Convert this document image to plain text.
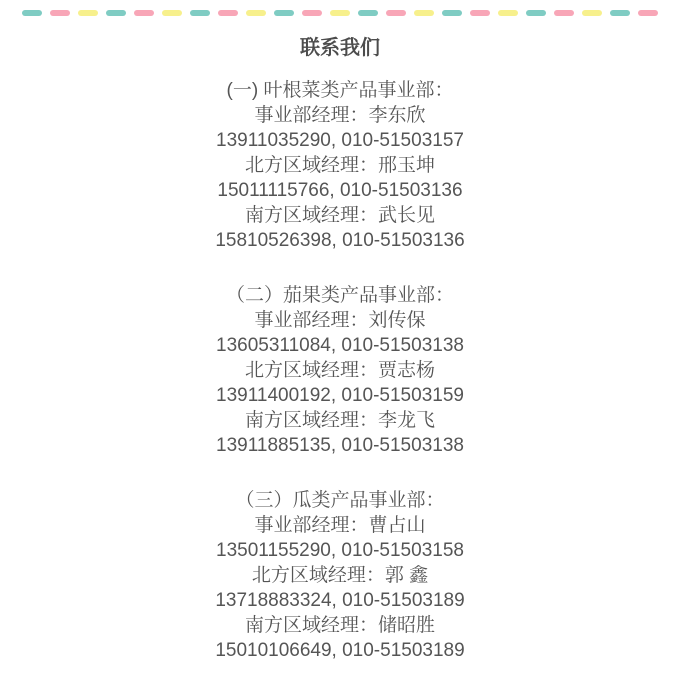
联系我们

(一) 叶根菜类产品事业部：
事业部经理：李东欣
13911035290, 010-51503157
北方区域经理：邢玉坤
15011115766, 010-51503136
南方区域经理：武长见
15810526398, 010-51503136

（二）茄果类产品事业部：
事业部经理：刘传保
13605311084, 010-51503138
北方区域经理：贾志杨
13911400192, 010-51503159
南方区域经理：李龙飞
13911885135, 010-51503138

（三）瓜类产品事业部：
事业部经理：曹占山
13501155290, 010-51503158
北方区域经理：郭 鑫
13718883324, 010-51503189
南方区域经理：储昭胜
15010106649, 010-51503189
